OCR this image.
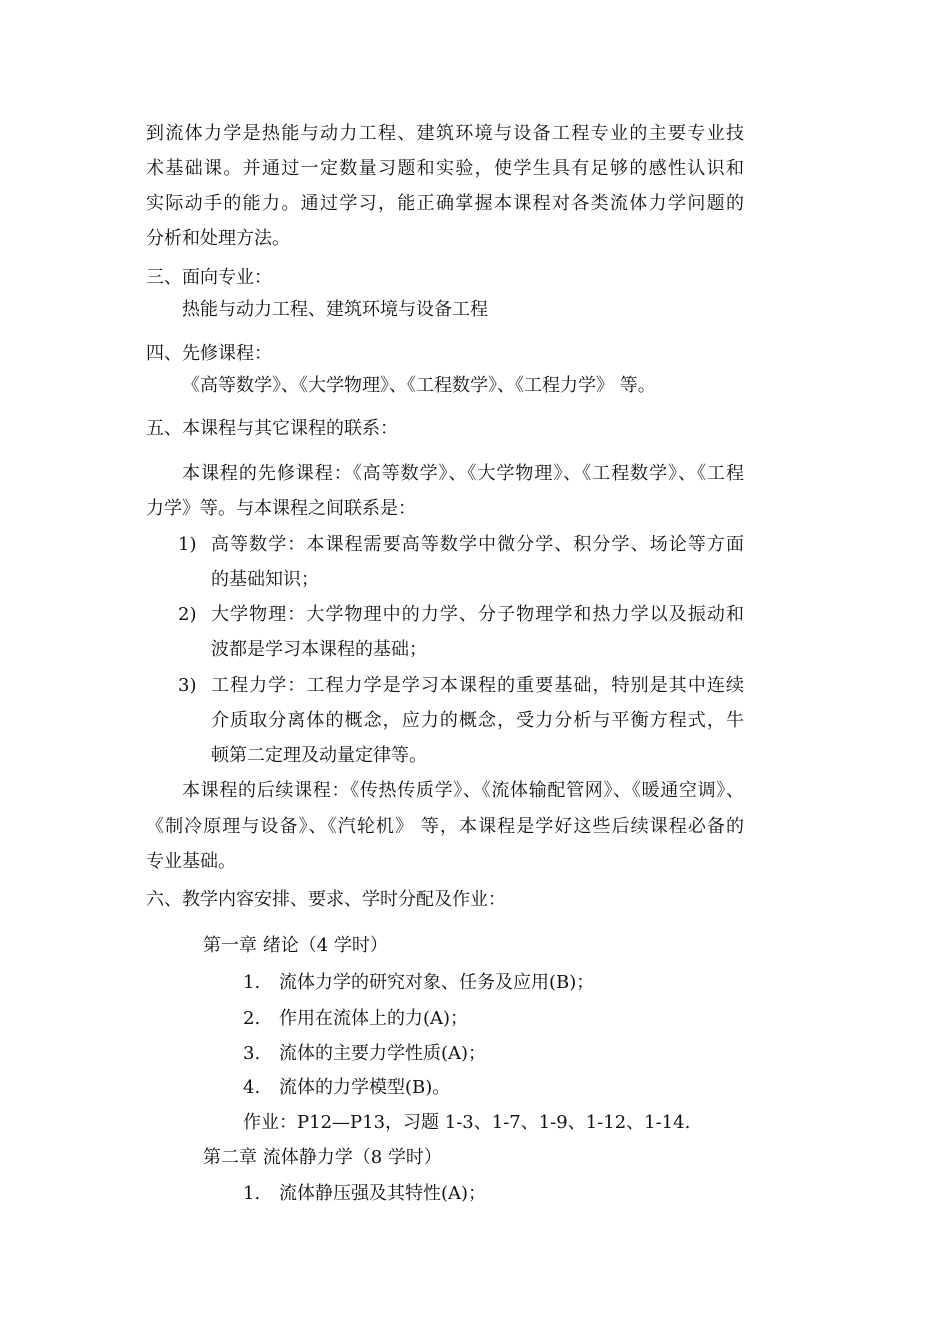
到流体力学是热能与动力工程、建筑环境与设备工程专业的主要专业技
术基础课。并通过一定数量习题和实验，使学生具有足够的感性认识和
实际动手的能力。通过学习，能正确掌握本课程对各类流体力学问题的
分析和处理方法。
三、面向专业：
热能与动力工程、建筑环境与设备工程
四、先修课程：
《高等数学》、《大学物理》、《工程数学》、《工程力学》 等。
五、本课程与其它课程的联系：
本课程的先修课程：《高等数学》、《大学物理》、《工程数学》、《工程
力学》等。与本课程之间联系是：
1) 高等数学：本课程需要高等数学中微分学、积分学、场论等方面
的基础知识；
2) 大学物理：大学物理中的力学、分子物理学和热力学以及振动和
波都是学习本课程的基础；
3) 工程力学：工程力学是学习本课程的重要基础，特别是其中连续
介质取分离体的概念，应力的概念，受力分析与平衡方程式，牛
顿第二定理及动量定律等。
本课程的后续课程：《传热传质学》、《流体输配管网》、《暖通空调》、
《制冷原理与设备》、《汽轮机》 等，本课程是学好这些后续课程必备的
专业基础。
六、教学内容安排、要求、学时分配及作业：
第一章 绪论（4 学时）
1. 流体力学的研究对象、任务及应用(B)；
2. 作用在流体上的力(A)；
3. 流体的主要力学性质(A)；
4. 流体的力学模型(B)。
作业：P12—P13，习题 1-3、1-7、1-9、1-12、1-14.
第二章 流体静力学（8 学时）
1. 流体静压强及其特性(A)；
